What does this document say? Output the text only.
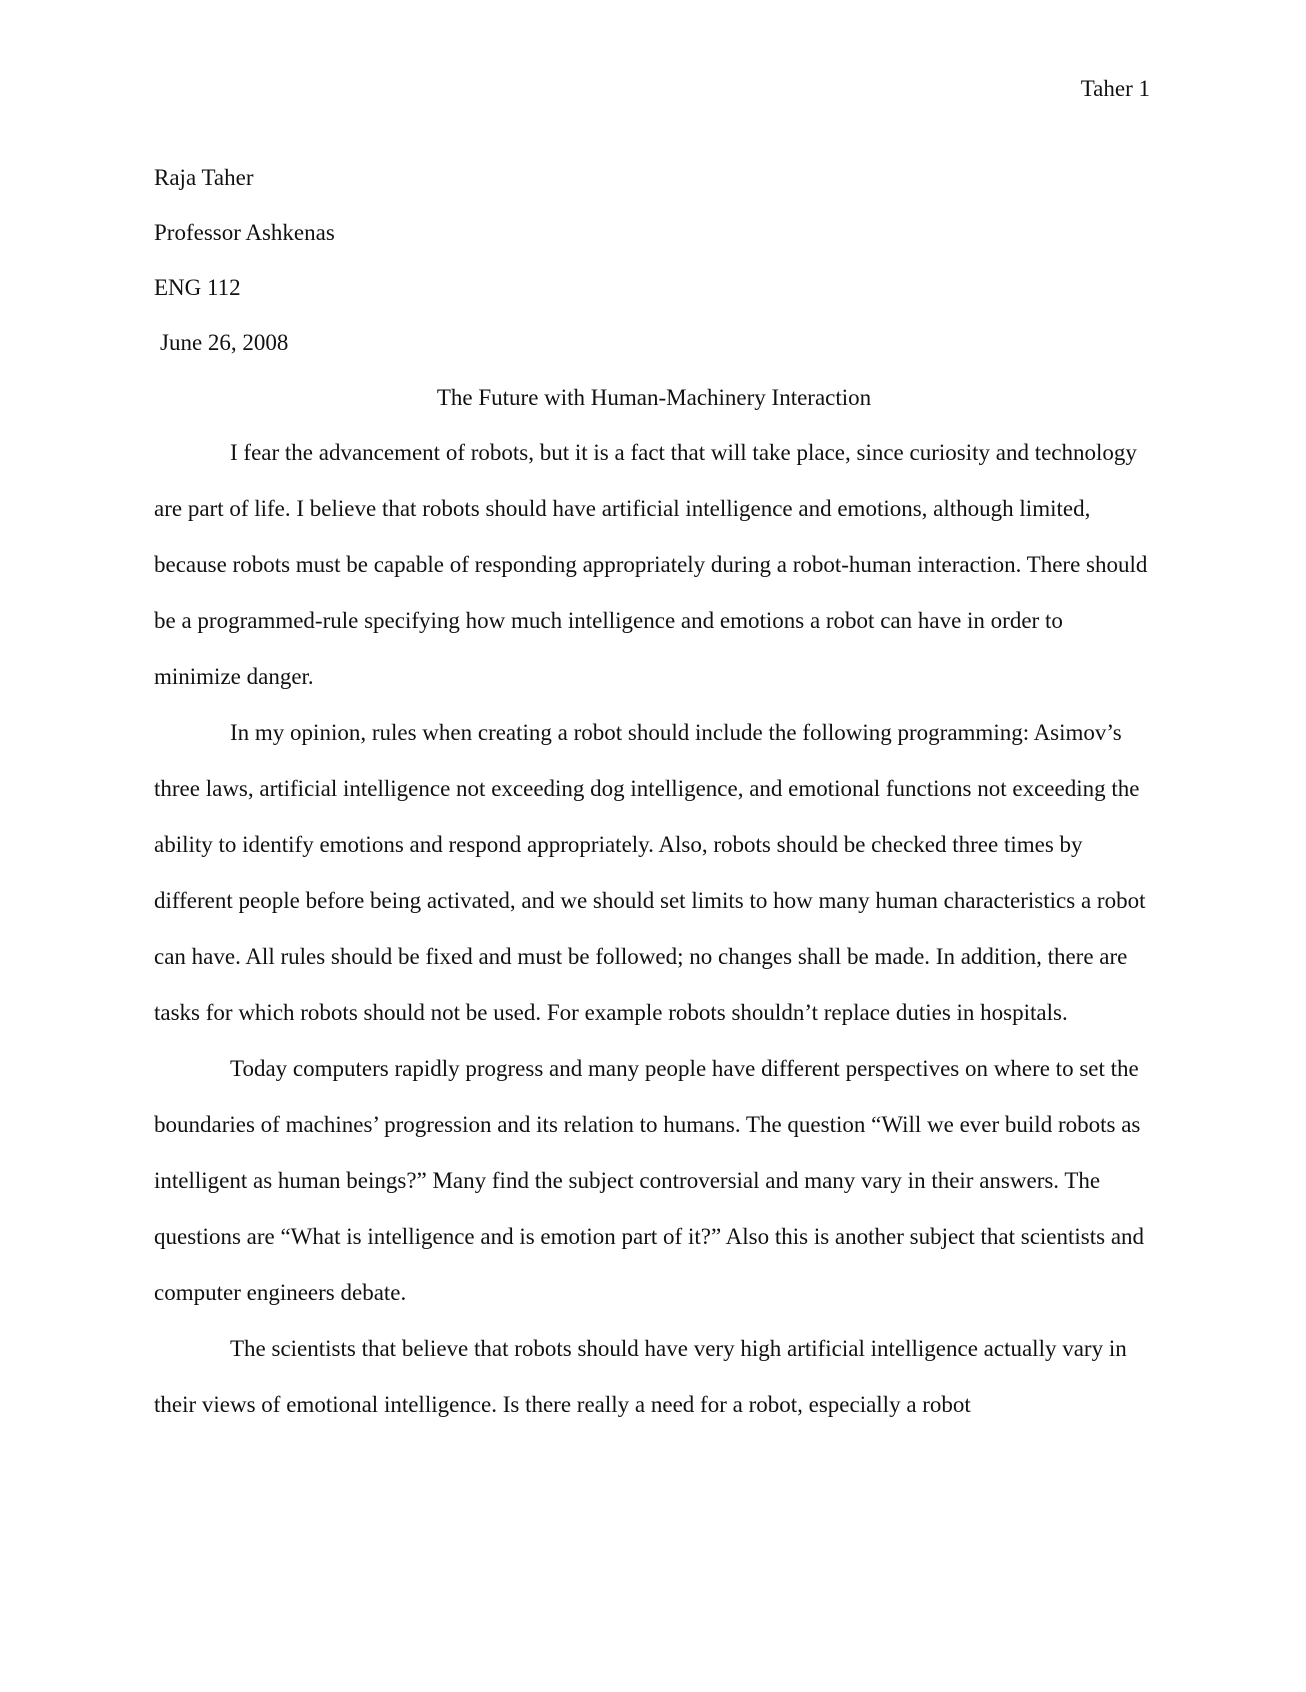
Taher 1
Raja Taher
Professor Ashkenas
ENG 112
June 26, 2008
The Future with Human-Machinery Interaction

I fear the advancement of robots, but it is a fact that will take place, since curiosity and technology are part of life. I believe that robots should have artificial intelligence and emotions, although limited, because robots must be capable of responding appropriately during a robot-human interaction. There should be a programmed-rule specifying how much intelligence and emotions a robot can have in order to minimize danger.

In my opinion, rules when creating a robot should include the following programming: Asimov’s three laws, artificial intelligence not exceeding dog intelligence, and emotional functions not exceeding the ability to identify emotions and respond appropriately. Also, robots should be checked three times by different people before being activated, and we should set limits to how many human characteristics a robot can have. All rules should be fixed and must be followed; no changes shall be made. In addition, there are tasks for which robots should not be used. For example robots shouldn’t replace duties in hospitals.

Today computers rapidly progress and many people have different perspectives on where to set the boundaries of machines’ progression and its relation to humans. The question “Will we ever build robots as intelligent as human beings?” Many find the subject controversial and many vary in their answers. The questions are “What is intelligence and is emotion part of it?” Also this is another subject that scientists and computer engineers debate.

The scientists that believe that robots should have very high artificial intelligence actually vary in their views of emotional intelligence. Is there really a need for a robot, especially a robot
